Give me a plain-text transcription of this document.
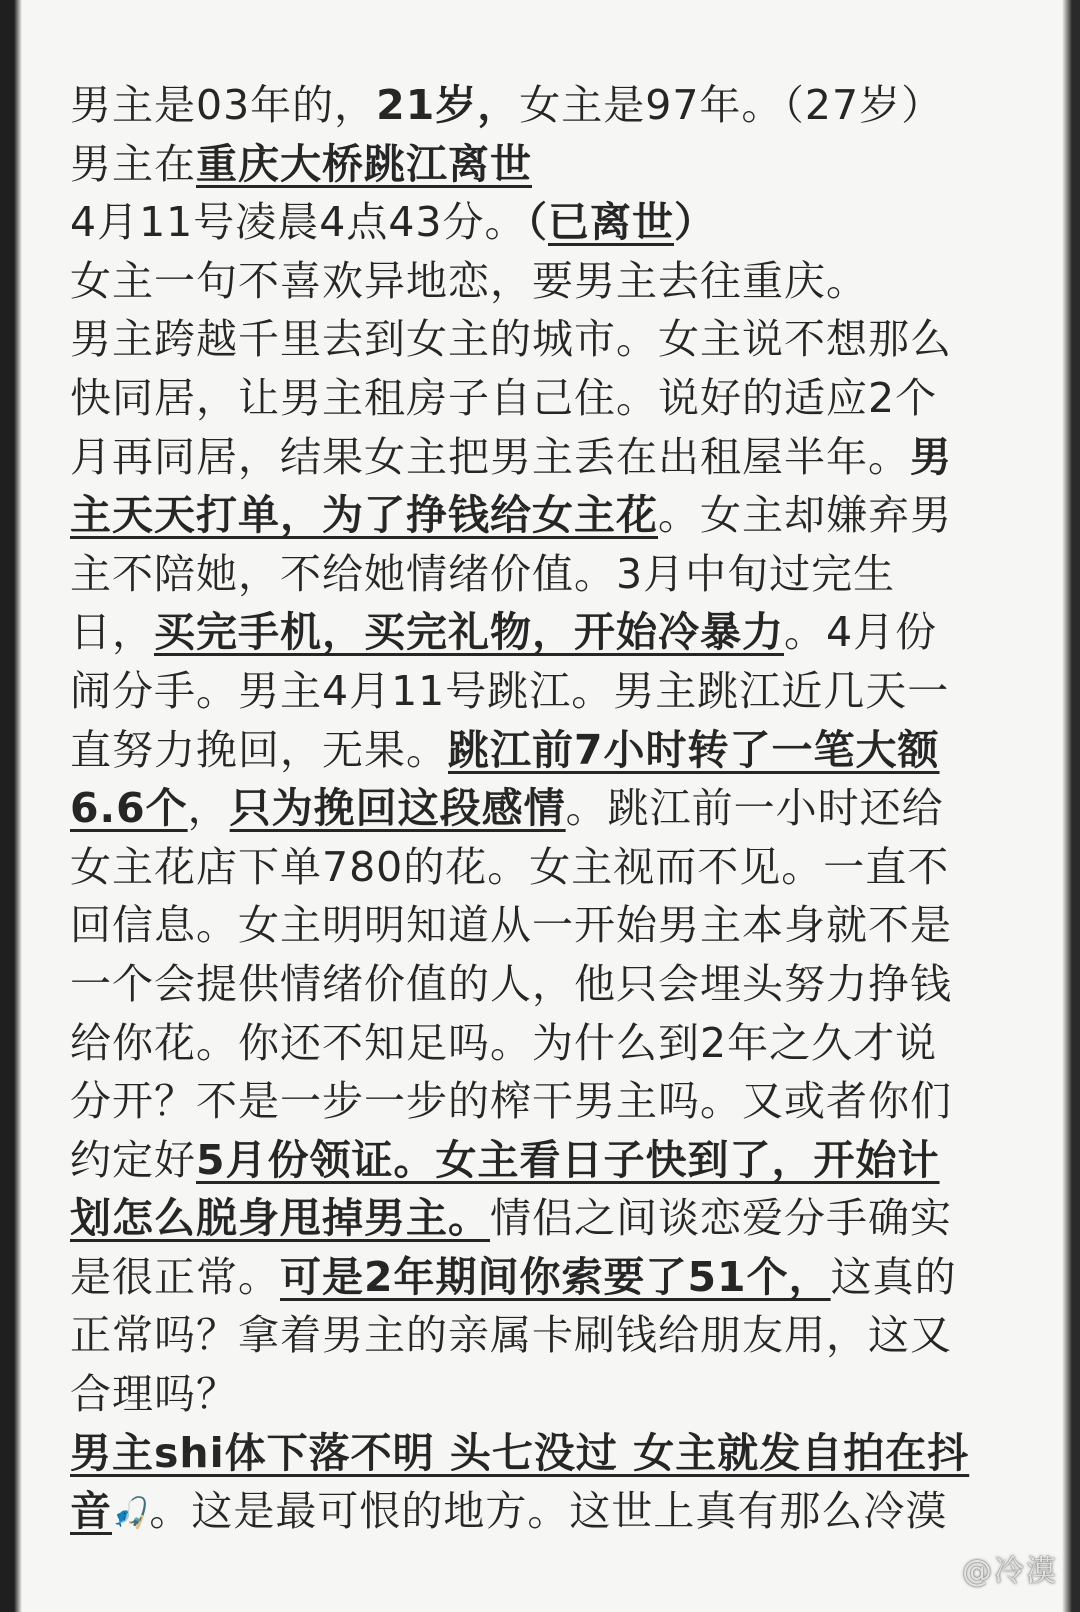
男主是03年的，21岁，女主是97年。（27岁）
男主在重庆大桥跳江离世
4月11号凌晨4点43分。（已离世）
女主一句不喜欢异地恋，要男主去往重庆。
男主跨越千里去到女主的城市。女主说不想那么
快同居，让男主租房子自己住。说好的适应2个
月再同居，结果女主把男主丢在出租屋半年。男
主天天打单，为了挣钱给女主花。女主却嫌弃男
主不陪她，不给她情绪价值。3月中旬过完生
日，买完手机，买完礼物，开始冷暴力。4月份
闹分手。男主4月11号跳江。男主跳江近几天一
直努力挽回，无果。跳江前7小时转了一笔大额
6.6个，只为挽回这段感情。跳江前一小时还给
女主花店下单780的花。女主视而不见。一直不
回信息。女主明明知道从一开始男主本身就不是
一个会提供情绪价值的人，他只会埋头努力挣钱
给你花。你还不知足吗。为什么到2年之久才说
分开？不是一步一步的榨干男主吗。又或者你们
约定好5月份领证。女主看日子快到了，开始计
划怎么脱身甩掉男主。情侣之间谈恋爱分手确实
是很正常。可是2年期间你索要了51个，这真的
正常吗？拿着男主的亲属卡刷钱给朋友用，这又
合理吗？
男主shi体下落不明 头七没过 女主就发自拍在抖
音🎣。这是最可恨的地方。这世上真有那么冷漠
@冷漠
